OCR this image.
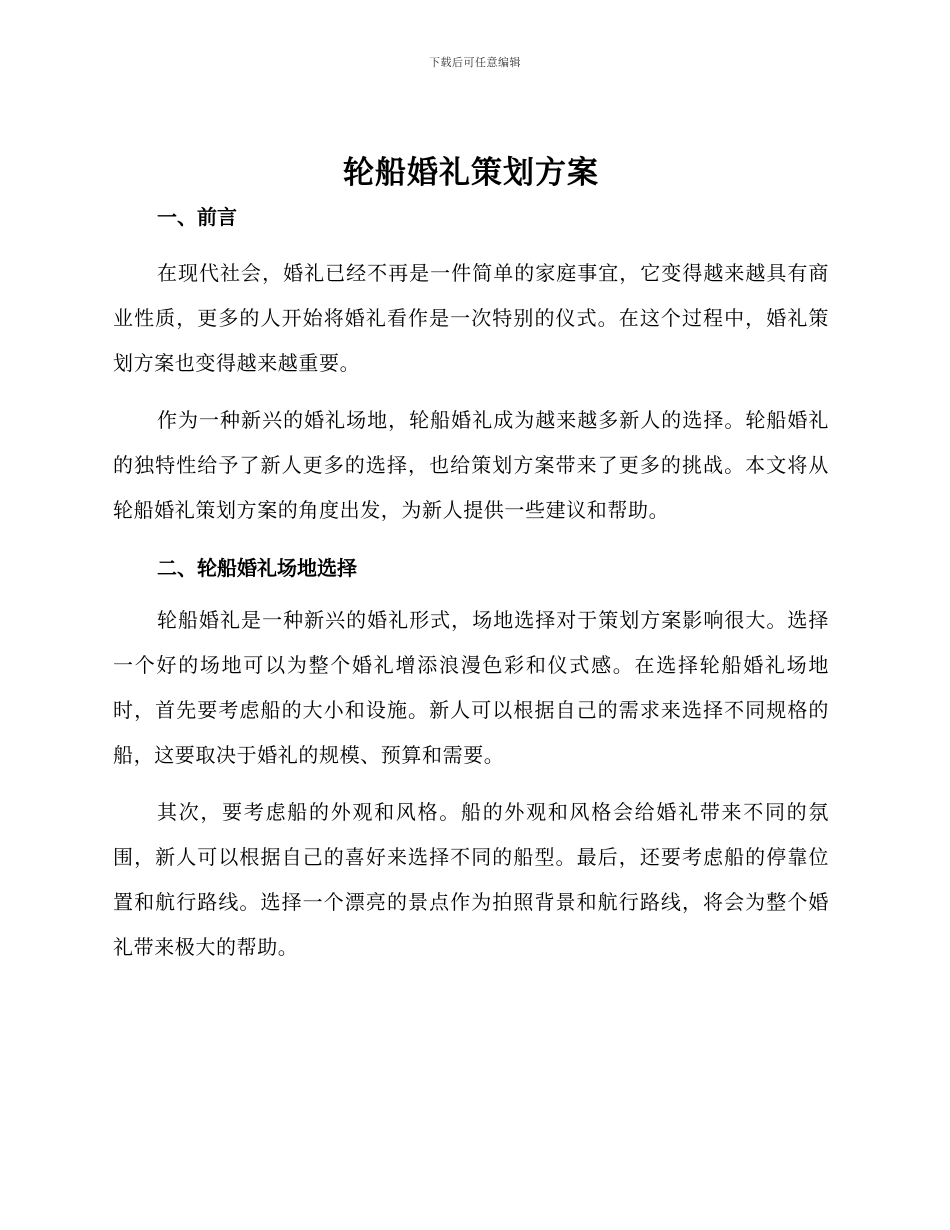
下载后可任意编辑
轮船婚礼策划方案
一、前言

在现代社会，婚礼已经不再是一件简单的家庭事宜，它变得越来越具有商业性质，更多的人开始将婚礼看作是一次特别的仪式。在这个过程中，婚礼策划方案也变得越来越重要。

作为一种新兴的婚礼场地，轮船婚礼成为越来越多新人的选择。轮船婚礼的独特性给予了新人更多的选择，也给策划方案带来了更多的挑战。本文将从轮船婚礼策划方案的角度出发，为新人提供一些建议和帮助。

二、轮船婚礼场地选择

轮船婚礼是一种新兴的婚礼形式，场地选择对于策划方案影响很大。选择一个好的场地可以为整个婚礼增添浪漫色彩和仪式感。在选择轮船婚礼场地时，首先要考虑船的大小和设施。新人可以根据自己的需求来选择不同规格的船，这要取决于婚礼的规模、预算和需要。

其次，要考虑船的外观和风格。船的外观和风格会给婚礼带来不同的氛围，新人可以根据自己的喜好来选择不同的船型。最后，还要考虑船的停靠位置和航行路线。选择一个漂亮的景点作为拍照背景和航行路线，将会为整个婚礼带来极大的帮助。
